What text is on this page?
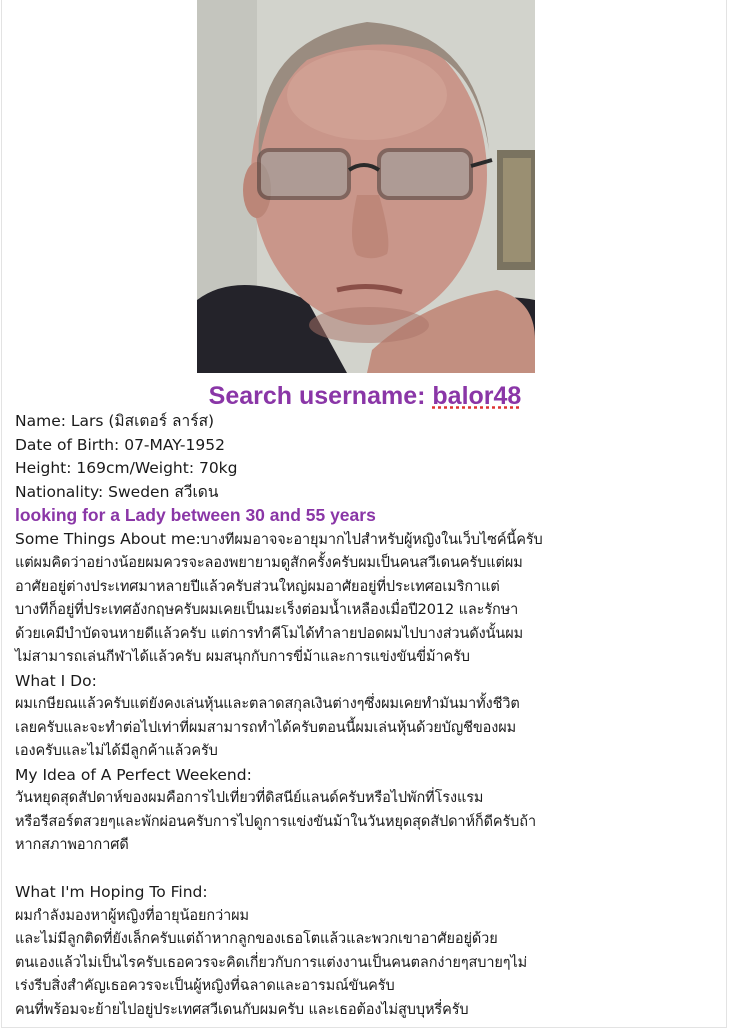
Search username: balor48
Name: Lars (มิสเตอร์ ลาร์ส)
Date of Birth: 07-MAY-1952
Height: 169cm/Weight: 70kg
Nationality: Sweden สวีเดน
looking for a Lady between 30 and 55 years
Some Things About me:บางทีผมอาจจะอายุมากไปสำหรับผู้หญิงในเว็บไซค์นี้ครับ
แต่ผมคิดว่าอย่างน้อยผมควรจะลองพยายามดูสักครั้งครับผมเป็นคนสวีเดนครับแต่ผม
อาศัยอยู่ต่างประเทศมาหลายปีแล้วครับส่วนใหญ่ผมอาศัยอยู่ที่ประเทศอเมริกาแต่
บางทีก็อยู่ที่ประเทศอังกฤษครับผมเคยเป็นมะเร็งต่อมน้ำเหลืองเมื่อปี2012 และรักษา
ด้วยเคมีบำบัดจนหายดีแล้วครับ แต่การทำคีโมได้ทำลายปอดผมไปบางส่วนดังนั้นผม
ไม่สามารถเล่นกีฬาได้แล้วครับ ผมสนุกกับการขี่ม้าและการแข่งขันขี่ม้าครับ
What I Do:
ผมเกษียณแล้วครับแต่ยังคงเล่นหุ้นและตลาดสกุลเงินต่างๆซึ่งผมเคยทำมันมาทั้งชีวิต
เลยครับและจะทำต่อไปเท่าที่ผมสามารถทำได้ครับตอนนี้ผมเล่นหุ้นด้วยบัญชีของผม
เองครับและไม่ได้มีลูกค้าแล้วครับ
My Idea of A Perfect Weekend:
วันหยุดสุดสัปดาห์ของผมคือการไปเที่ยวที่ดิสนีย์แลนด์ครับหรือไปพักที่โรงแรม
หรือรีสอร์ตสวยๆและพักผ่อนครับการไปดูการแข่งขันม้าในวันหยุดสุดสัปดาห์ก็ดีครับถ้า
หากสภาพอากาศดี
What I'm Hoping To Find:
ผมกำลังมองหาผู้หญิงที่อายุน้อยกว่าผม
และไม่มีลูกติดที่ยังเล็กครับแต่ถ้าหากลูกของเธอโตแล้วและพวกเขาอาศัยอยู่ด้วย
ตนเองแล้วไม่เป็นไรครับเธอควรจะคิดเกี่ยวกับการแต่งงานเป็นคนตลกง่ายๆสบายๆไม่
เร่งรีบสิ่งสำคัญเธอควรจะเป็นผู้หญิงที่ฉลาดและอารมณ์ขันครับ
คนที่พร้อมจะย้ายไปอยู่ประเทศสวีเดนกับผมครับ และเธอต้องไม่สูบบุหรี่ครับ
